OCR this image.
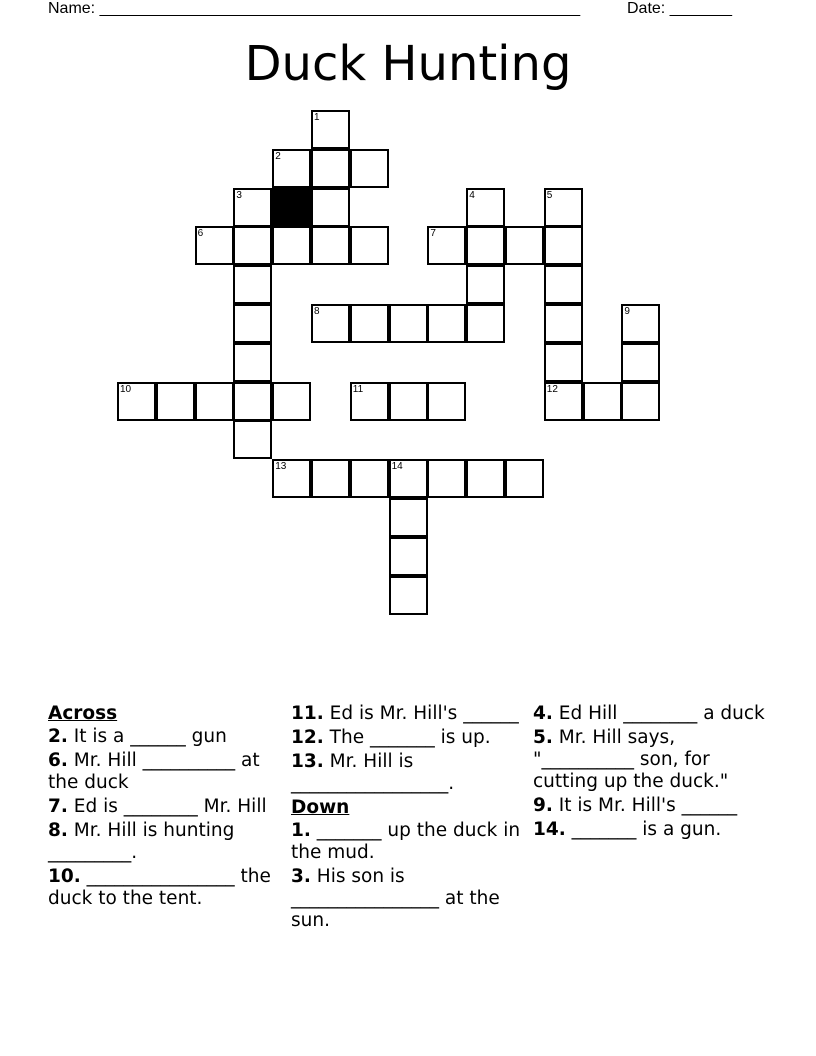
Name: ______________________________________________________	Date: _______
Duck Hunting
1
2
3	4	5
6	7
8	9
10	11	12
13	14
Across
2. It is a ______ gun
6. Mr. Hill __________ at the duck
7. Ed is ________ Mr. Hill
8. Mr. Hill is hunting _________.
10. ________________ the duck to the tent.
11. Ed is Mr. Hill's ______
12. The _______ is up.
13. Mr. Hill is _________________.
Down
1. _______ up the duck in the mud.
3. His son is ________________ at the sun.
4. Ed Hill ________ a duck
5. Mr. Hill says, "__________ son, for cutting up the duck."
9. It is Mr. Hill's ______
14. _______ is a gun.
